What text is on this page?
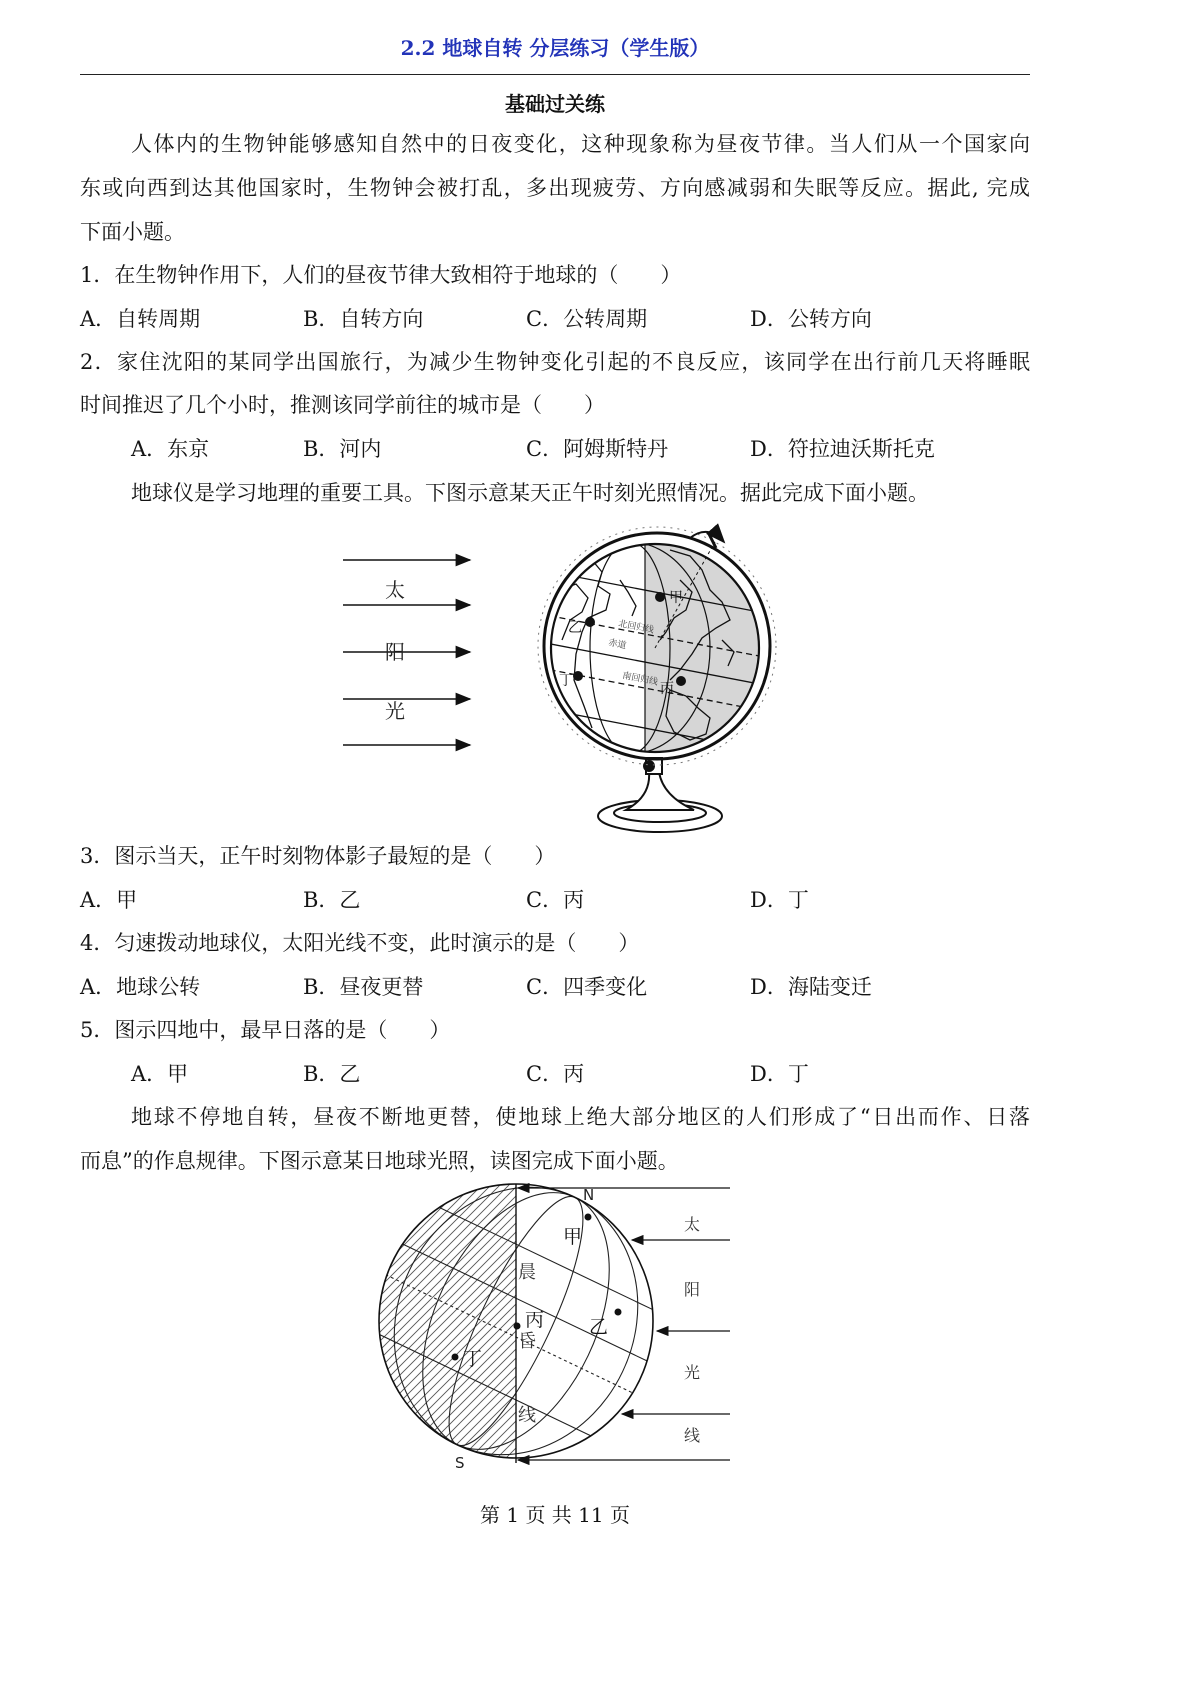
2.2 地球自转 分层练习（学生版）
基础过关练
人体内的生物钟能够感知自然中的日夜变化，这种现象称为昼夜节律。当人们从一个国家向
东或向西到达其他国家时，生物钟会被打乱，多出现疲劳、方向感减弱和失眠等反应。据此, 完成
下面小题。
1．在生物钟作用下，人们的昼夜节律大致相符于地球的（　　）
A．自转周期	B．自转方向	C．公转周期	D．公转方向
2．家住沈阳的某同学出国旅行，为减少生物钟变化引起的不良反应，该同学在出行前几天将睡眠
时间推迟了几个小时，推测该同学前往的城市是（　　）
A．东京	B．河内	C．阿姆斯特丹	D．符拉迪沃斯托克
地球仪是学习地理的重要工具。下图示意某天正午时刻光照情况。据此完成下面小题。
太
阳
光
北回归线
赤道
南回归线
甲
乙
丙
丁
3．图示当天，正午时刻物体影子最短的是（　　）
A．甲	B．乙	C．丙	D．丁
4．匀速拨动地球仪，太阳光线不变，此时演示的是（　　）
A．地球公转	B．昼夜更替	C．四季变化	D．海陆变迁
5．图示四地中，最早日落的是（　　）
A．甲	B．乙	C．丙	D．丁
地球不停地自转，昼夜不断地更替，使地球上绝大部分地区的人们形成了“日出而作、日落
而息”的作息规律。下图示意某日地球光照，读图完成下面小题。
太
阳
光
线
N
S
晨
昏
线
甲
乙
丙
丁
第 1 页 共 11 页
